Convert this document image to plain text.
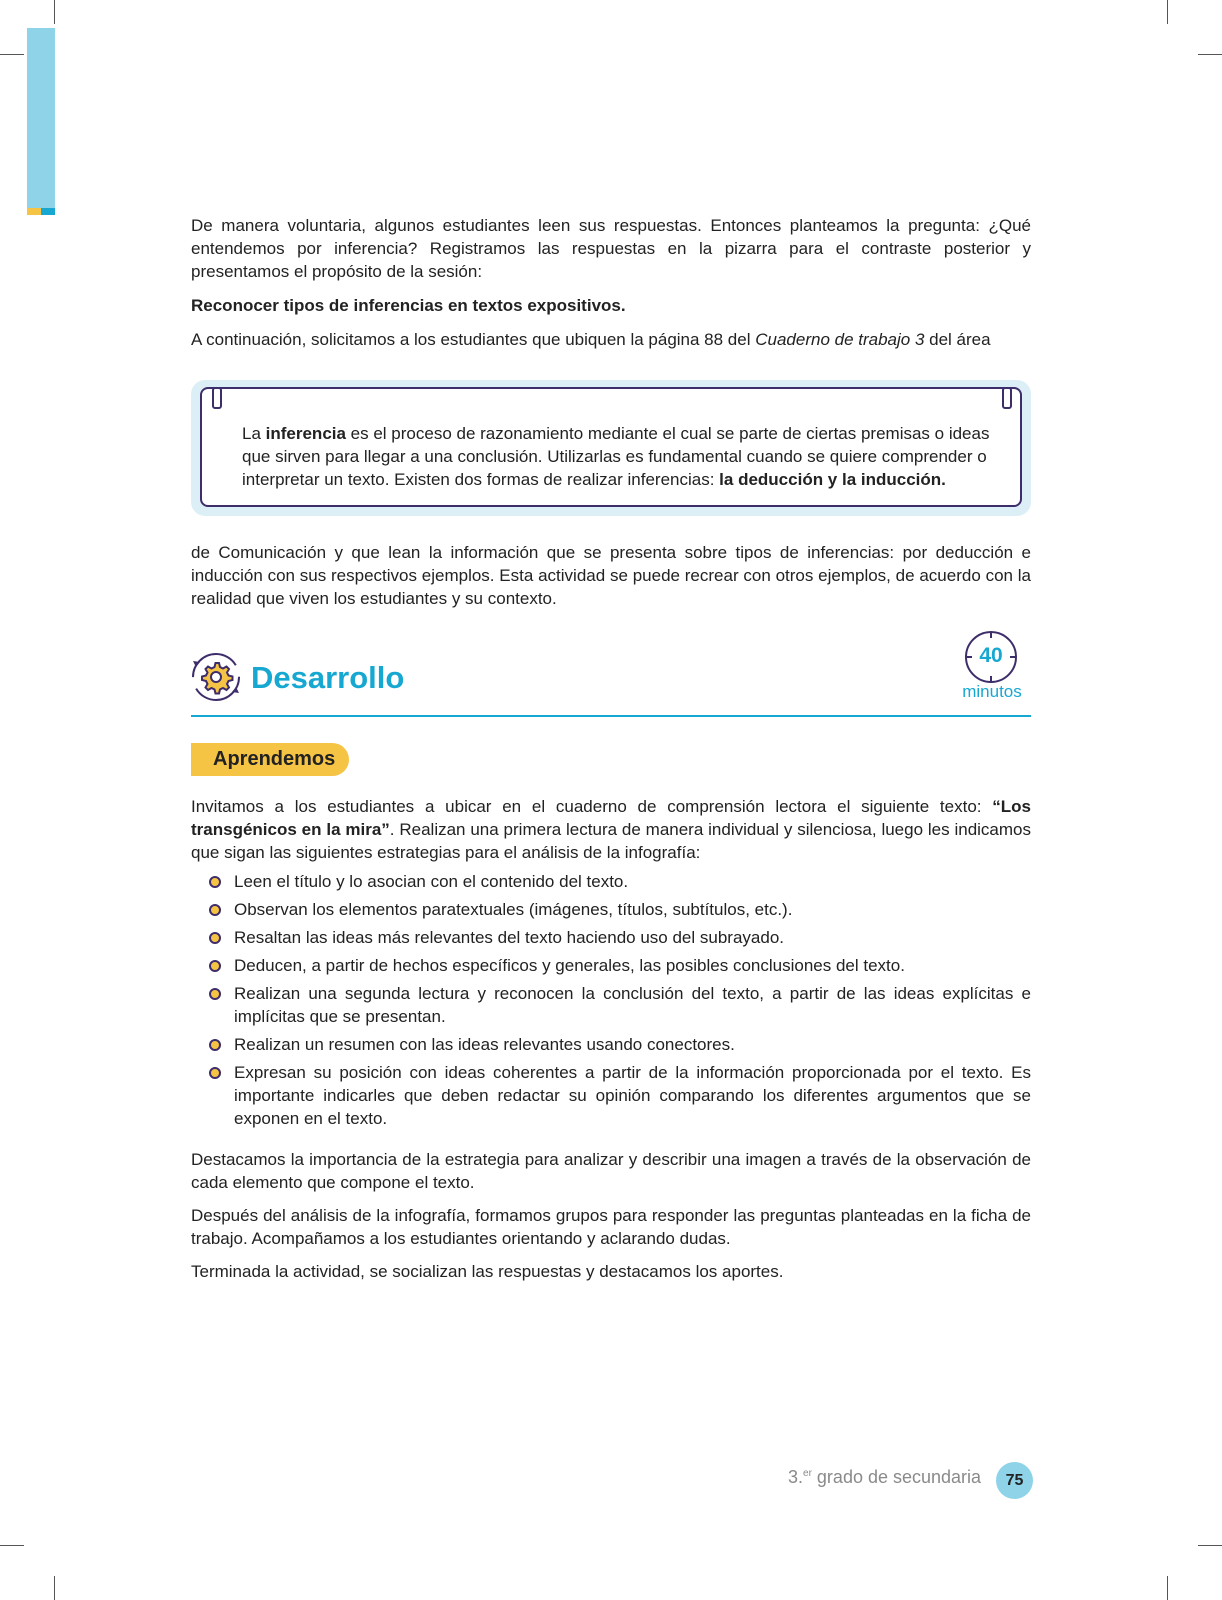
De manera voluntaria, algunos estudiantes leen sus respuestas. Entonces planteamos la pregunta: ¿Qué entendemos por inferencia? Registramos las respuestas en la pizarra para el contraste posterior y presentamos el propósito de la sesión:

Reconocer tipos de inferencias en textos expositivos.

A continuación, solicitamos a los estudiantes que ubiquen la página 88 del Cuaderno de trabajo 3 del área

La inferencia es el proceso de razonamiento mediante el cual se parte de ciertas premisas o ideas que sirven para llegar a una conclusión. Utilizarlas es fundamental cuando se quiere comprender o interpretar un texto. Existen dos formas de realizar inferencias: la deducción y la inducción.

de Comunicación y que lean la información que se presenta sobre tipos de inferencias: por deducción e inducción con sus respectivos ejemplos. Esta actividad se puede recrear con otros ejemplos, de acuerdo con la realidad que viven los estudiantes y su contexto.

Desarrollo
40
minutos
Aprendemos

Invitamos a los estudiantes a ubicar en el cuaderno de comprensión lectora el siguiente texto: “Los transgénicos en la mira”. Realizan una primera lectura de manera individual y silenciosa, luego les indicamos que sigan las siguientes estrategias para el análisis de la infografía:

Leen el título y lo asocian con el contenido del texto.
Observan los elementos paratextuales (imágenes, títulos, subtítulos, etc.).
Resaltan las ideas más relevantes del texto haciendo uso del subrayado.
Deducen, a partir de hechos específicos y generales, las posibles conclusiones del texto.
Realizan una segunda lectura y reconocen la conclusión del texto, a partir de las ideas explícitas e implícitas que se presentan.
Realizan un resumen con las ideas relevantes usando conectores.
Expresan su posición con ideas coherentes a partir de la información proporcionada por el texto. Es importante indicarles que deben redactar su opinión comparando los diferentes argumentos que se exponen en el texto.

Destacamos la importancia de la estrategia para analizar y describir una imagen a través de la observación de cada elemento que compone el texto.

Después del análisis de la infografía, formamos grupos para responder las preguntas planteadas en la ficha de trabajo. Acompañamos a los estudiantes orientando y aclarando dudas.

Terminada la actividad, se socializan las respuestas y destacamos los aportes.

3.$^{er}$ grado de secundaria	75
